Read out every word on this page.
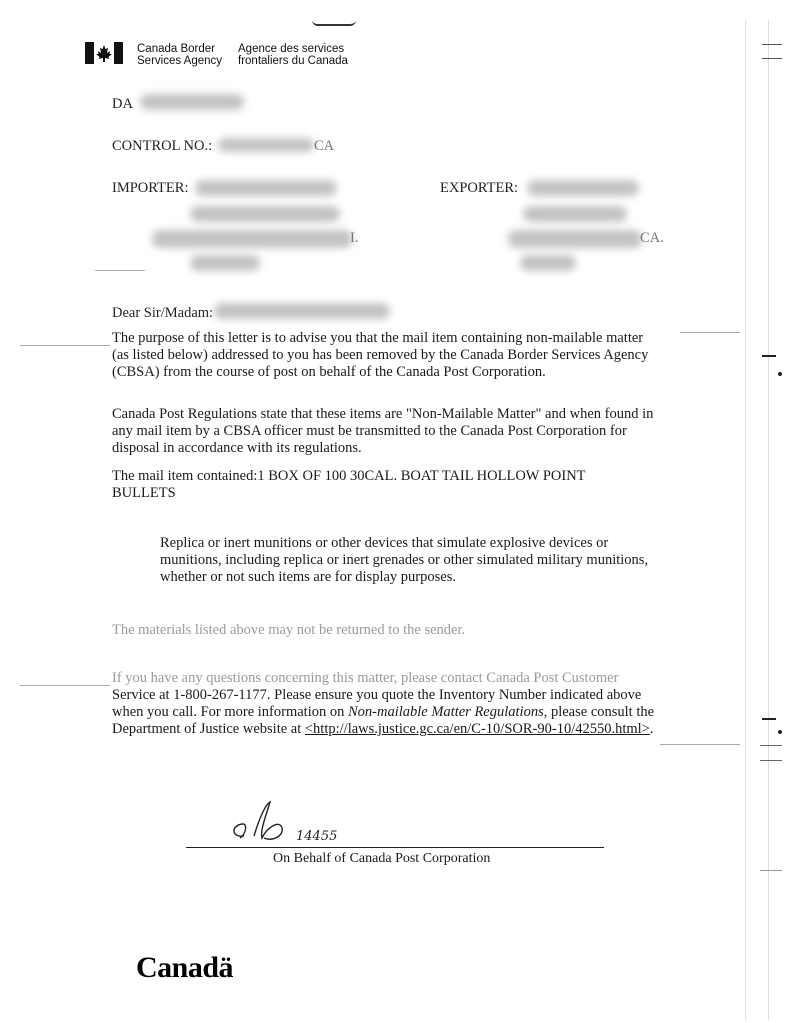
Canada Border
Services Agency
Agence des services
frontaliers du Canada
DA
CONTROL NO.:	CA
IMPORTER:
I.
EXPORTER:
CA.
Dear Sir/Madam:
The purpose of this letter is to advise you that the mail item containing non-mailable matter (as listed below) addressed to you has been removed by the Canada Border Services Agency (CBSA) from the course of post on behalf of the Canada Post Corporation.
Canada Post Regulations state that these items are "Non-Mailable Matter" and when found in any mail item by a CBSA officer must be transmitted to the Canada Post Corporation for disposal in accordance with its regulations.
The mail item contained:1 BOX OF 100 30CAL. BOAT TAIL HOLLOW POINT BULLETS
Replica or inert munitions or other devices that simulate explosive devices or munitions, including replica or inert grenades or other simulated military munitions, whether or not such items are for display purposes.
The materials listed above may not be returned to the sender.
If you have any questions concerning this matter, please contact Canada Post Customer
Service at 1-800-267-1177. Please ensure you quote the Inventory Number indicated above when you call. For more information on Non-mailable Matter Regulations, please consult the Department of Justice website at <http://laws.justice.gc.ca/en/C-10/SOR-90-10/42550.html>.
14455
On Behalf of Canada Post Corporation
Canadä
